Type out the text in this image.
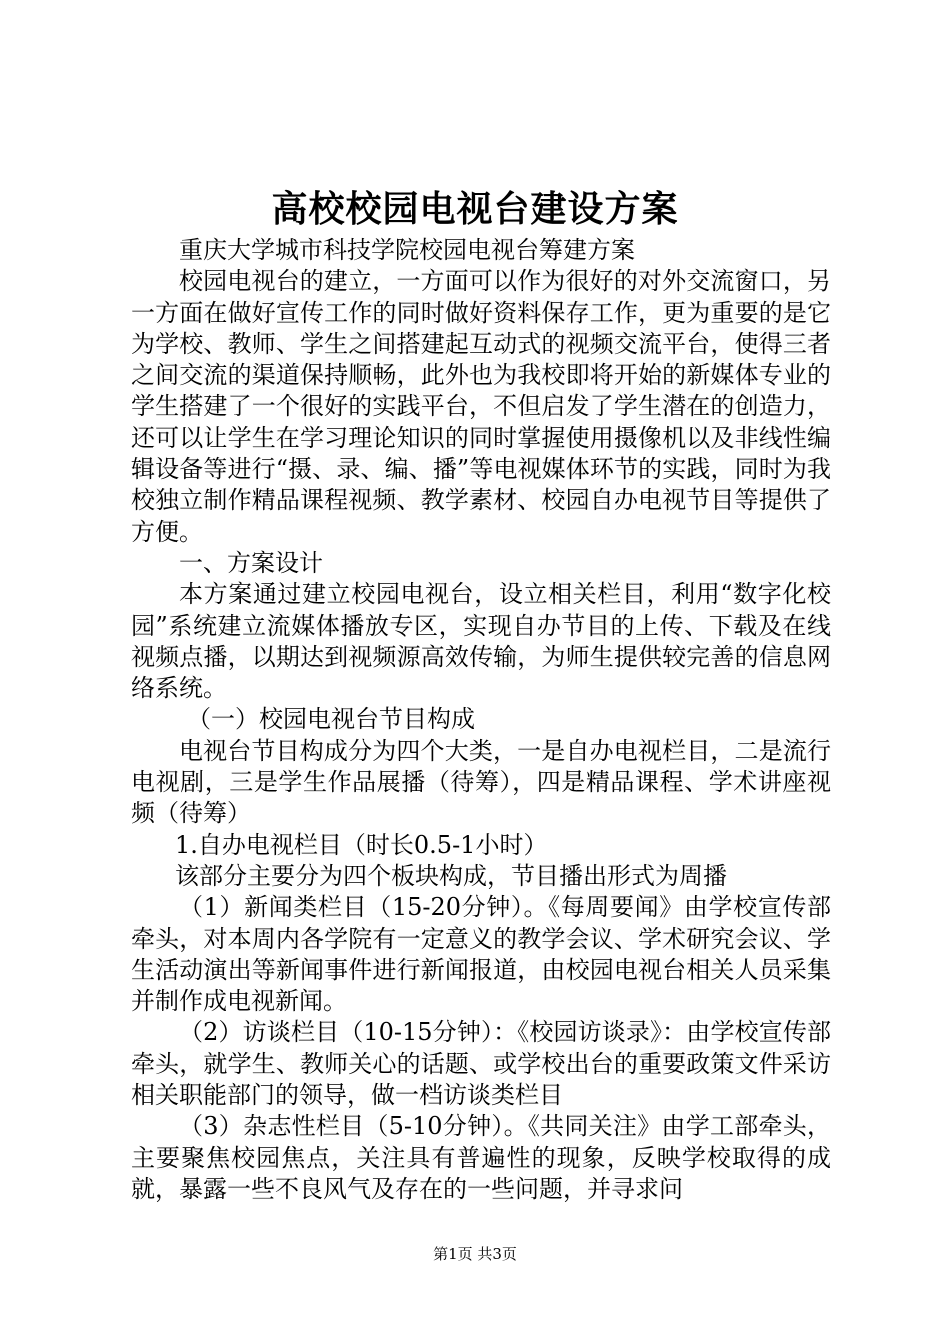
高校校园电视台建设方案

重庆大学城市科技学院校园电视台筹建方案

校园电视台的建立，一方面可以作为很好的对外交流窗口，另一方面在做好宣传工作的同时做好资料保存工作，更为重要的是它为学校、教师、学生之间搭建起互动式的视频交流平台，使得三者之间交流的渠道保持顺畅，此外也为我校即将开始的新媒体专业的学生搭建了一个很好的实践平台，不但启发了学生潜在的创造力，还可以让学生在学习理论知识的同时掌握使用摄像机以及非线性编辑设备等进行“摄、录、编、播”等电视媒体环节的实践，同时为我校独立制作精品课程视频、教学素材、校园自办电视节目等提供了方便。

一、方案设计

本方案通过建立校园电视台，设立相关栏目，利用“数字化校园”系统建立流媒体播放专区，实现自办节目的上传、下载及在线视频点播，以期达到视频源高效传输，为师生提供较完善的信息网络系统。

（一）校园电视台节目构成

电视台节目构成分为四个大类，一是自办电视栏目，二是流行电视剧，三是学生作品展播（待筹），四是精品课程、学术讲座视频（待筹）

1.自办电视栏目（时长0.5-1小时）

该部分主要分为四个板块构成，节目播出形式为周播

（1）新闻类栏目（15-20分钟）。《每周要闻》由学校宣传部牵头，对本周内各学院有一定意义的教学会议、学术研究会议、学生活动演出等新闻事件进行新闻报道，由校园电视台相关人员采集并制作成电视新闻。

（2）访谈栏目（10-15分钟）：《校园访谈录》：由学校宣传部牵头，就学生、教师关心的话题、或学校出台的重要政策文件采访相关职能部门的领导，做一档访谈类栏目

（3）杂志性栏目（5-10分钟）。《共同关注》由学工部牵头，主要聚焦校园焦点，关注具有普遍性的现象，反映学校取得的成就，暴露一些不良风气及存在的一些问题，并寻求问

第1页 共3页
